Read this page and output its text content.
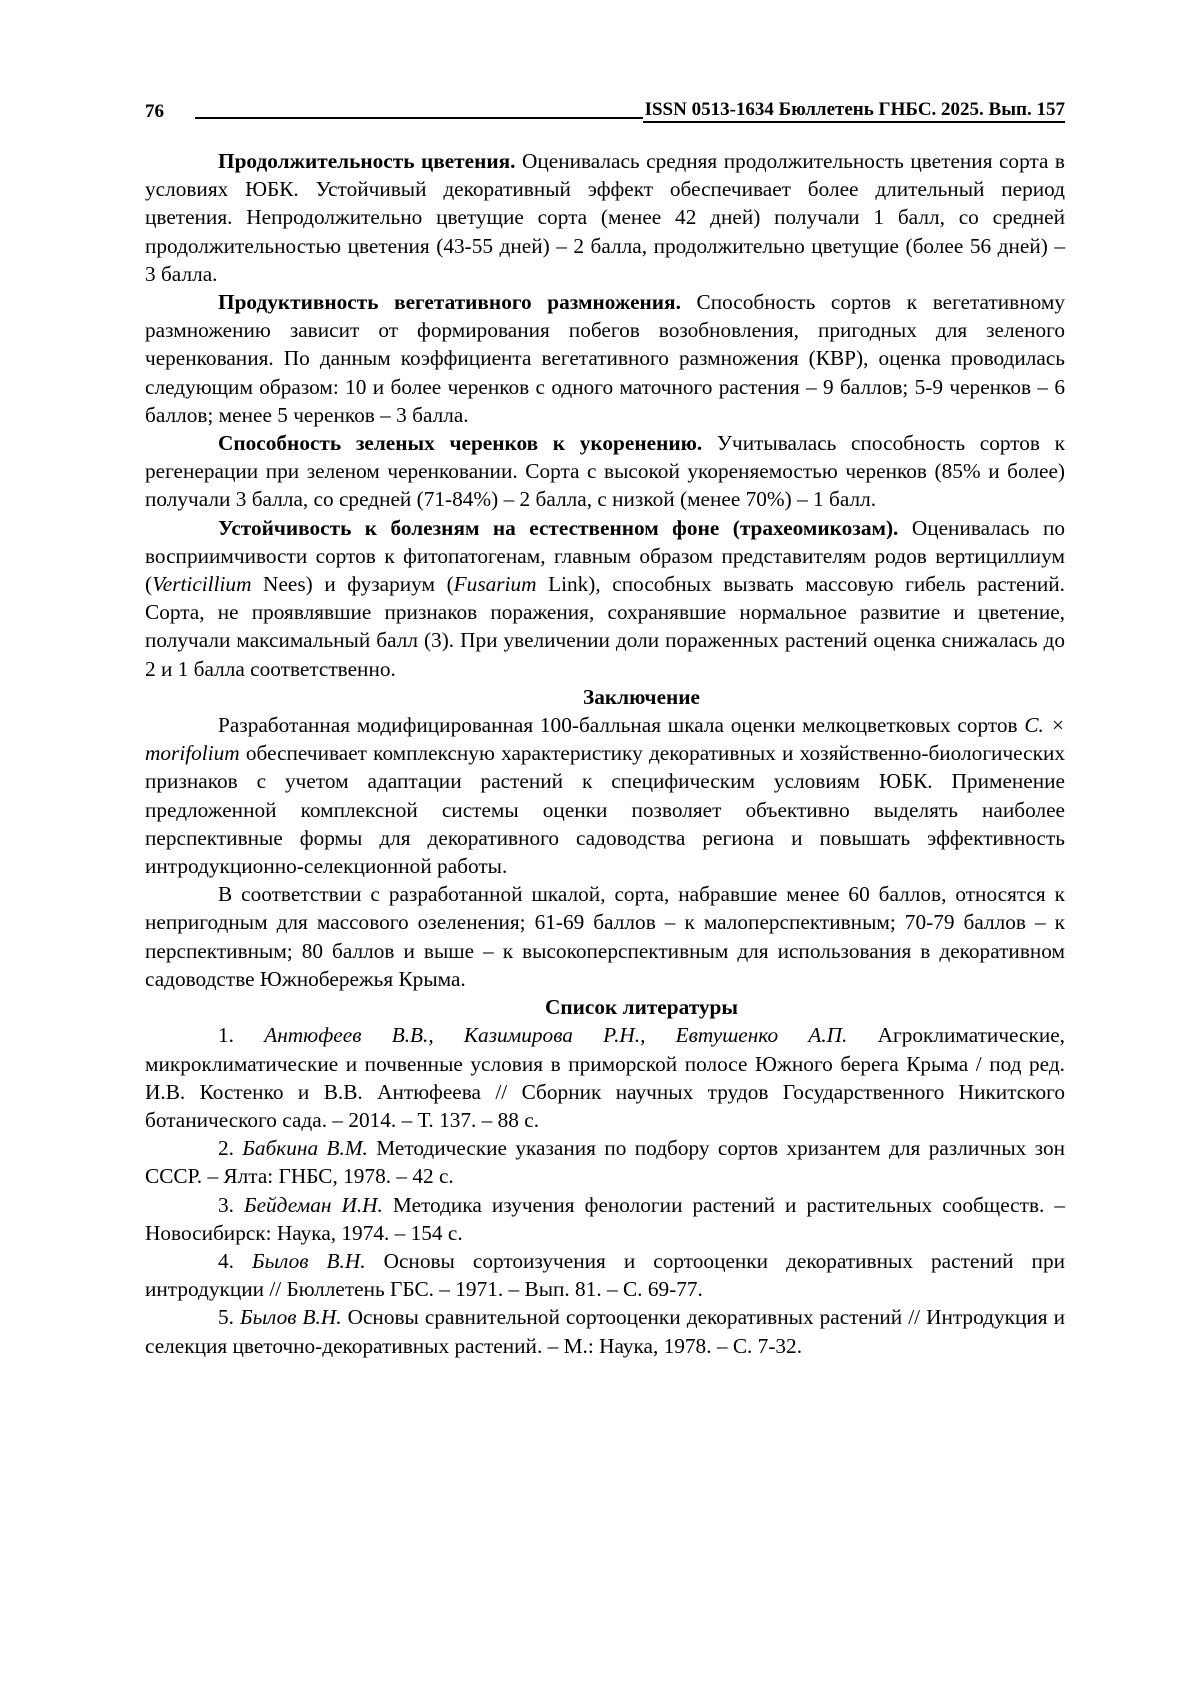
76	ISSN 0513-1634 Бюллетень ГНБС. 2025. Вып. 157

Продолжительность цветения. Оценивалась средняя продолжительность цветения сорта в условиях ЮБК. Устойчивый декоративный эффект обеспечивает более длительный период цветения. Непродолжительно цветущие сорта (менее 42 дней) получали 1 балл, со средней продолжительностью цветения (43-55 дней) – 2 балла, продолжительно цветущие (более 56 дней) – 3 балла.

Продуктивность вегетативного размножения. Способность сортов к вегетативному размножению зависит от формирования побегов возобновления, пригодных для зеленого черенкования. По данным коэффициента вегетативного размножения (КВР), оценка проводилась следующим образом: 10 и более черенков с одного маточного растения – 9 баллов; 5-9 черенков – 6 баллов; менее 5 черенков – 3 балла.

Способность зеленых черенков к укоренению. Учитывалась способность сортов к регенерации при зеленом черенковании. Сорта с высокой укореняемостью черенков (85% и более) получали 3 балла, со средней (71-84%) – 2 балла, с низкой (менее 70%) – 1 балл.

Устойчивость к болезням на естественном фоне (трахеомикозам). Оценивалась по восприимчивости сортов к фитопатогенам, главным образом представителям родов вертициллиум (Verticillium Nees) и фузариум (Fusarium Link), способных вызвать массовую гибель растений. Сорта, не проявлявшие признаков поражения, сохранявшие нормальное развитие и цветение, получали максимальный балл (3). При увеличении доли пораженных растений оценка снижалась до 2 и 1 балла соответственно.

Заключение

Разработанная модифицированная 100-балльная шкала оценки мелкоцветковых сортов C. × morifolium обеспечивает комплексную характеристику декоративных и хозяйственно-биологических признаков с учетом адаптации растений к специфическим условиям ЮБК. Применение предложенной комплексной системы оценки позволяет объективно выделять наиболее перспективные формы для декоративного садоводства региона и повышать эффективность интродукционно-селекционной работы.

В соответствии с разработанной шкалой, сорта, набравшие менее 60 баллов, относятся к непригодным для массового озеленения; 61-69 баллов – к малоперспективным; 70-79 баллов – к перспективным; 80 баллов и выше – к высокоперспективным для использования в декоративном садоводстве Южнобережья Крыма.

Список литературы

1. Антюфеев В.В., Казимирова Р.Н., Евтушенко А.П. Агроклиматические, микроклиматические и почвенные условия в приморской полосе Южного берега Крыма / под ред. И.В. Костенко и В.В. Антюфеева // Сборник научных трудов Государственного Никитского ботанического сада. – 2014. – Т. 137. – 88 с.

2. Бабкина В.М. Методические указания по подбору сортов хризантем для различных зон СССР. – Ялта: ГНБС, 1978. – 42 с.

3. Бейдеман И.Н. Методика изучения фенологии растений и растительных сообществ. – Новосибирск: Наука, 1974. – 154 с.

4. Былов В.Н. Основы сортоизучения и сортооценки декоративных растений при интродукции // Бюллетень ГБС. – 1971. – Вып. 81. – С. 69-77.

5. Былов В.Н. Основы сравнительной сортооценки декоративных растений // Интродукция и селекция цветочно-декоративных растений. – М.: Наука, 1978. – С. 7-32.
